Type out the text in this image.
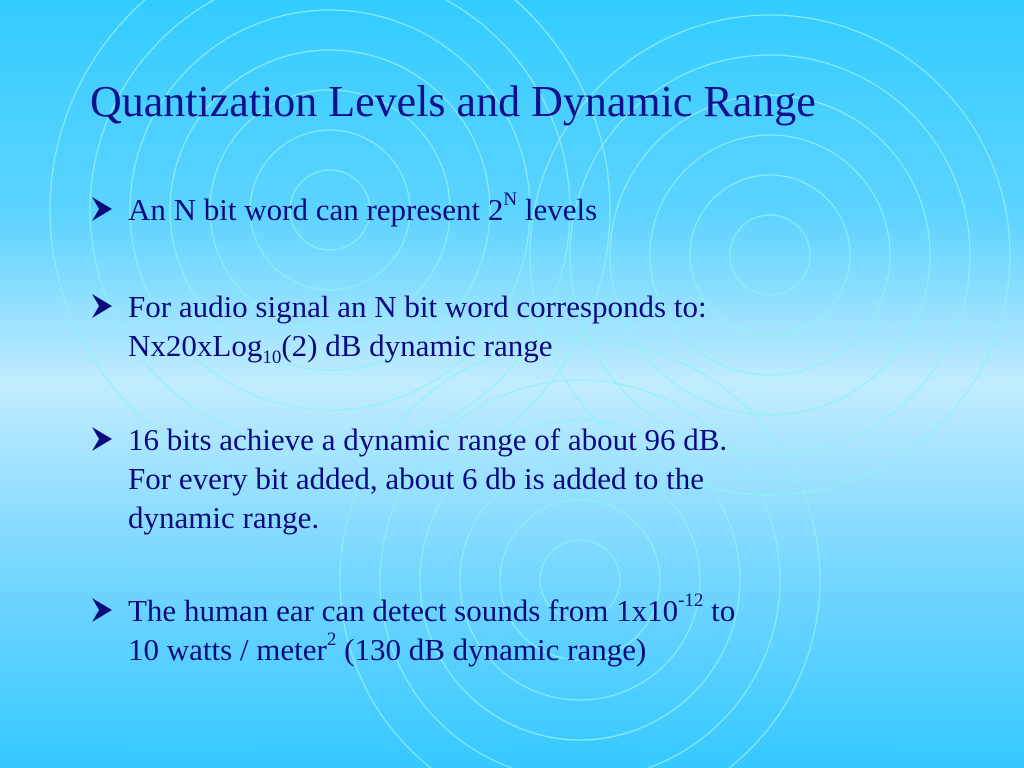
Quantization Levels and Dynamic Range
An N bit word can represent $2^N$ levels
For audio signal an N bit word corresponds to:
Nx20xLog$_{10}$(2) dB dynamic range
16 bits achieve a dynamic range of about 96 dB.
For every bit added, about 6 db is added to the
dynamic range.
The human ear can detect sounds from $1x10^{-12}$ to
10 watts / meter$^2$ (130 dB dynamic range)
